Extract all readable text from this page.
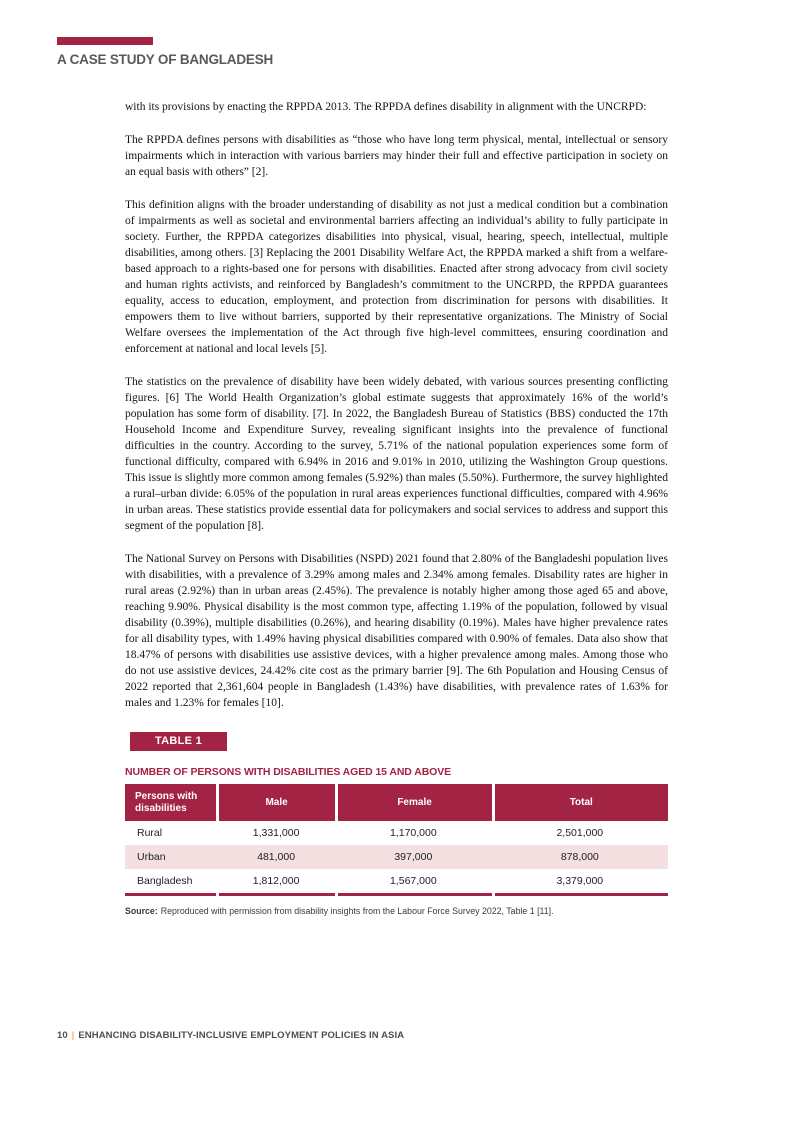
A CASE STUDY OF BANGLADESH

with its provisions by enacting the RPPDA 2013. The RPPDA defines disability in alignment with the UNCRPD:

The RPPDA defines persons with disabilities as “those who have long term physical, mental, intellectual or sensory impairments which in interaction with various barriers may hinder their full and effective participation in society on an equal basis with others” [2].

This definition aligns with the broader understanding of disability as not just a medical condition but a combination of impairments as well as societal and environmental barriers affecting an individual’s ability to fully participate in society. Further, the RPPDA categorizes disabilities into physical, visual, hearing, speech, intellectual, multiple disabilities, among others. [3] Replacing the 2001 Disability Welfare Act, the RPPDA marked a shift from a welfare-based approach to a rights-based one for persons with disabilities. Enacted after strong advocacy from civil society and human rights activists, and reinforced by Bangladesh’s commitment to the UNCRPD, the RPPDA guarantees equality, access to education, employment, and protection from discrimination for persons with disabilities. It empowers them to live without barriers, supported by their representative organizations. The Ministry of Social Welfare oversees the implementation of the Act through five high-level committees, ensuring coordination and enforcement at national and local levels [5].

The statistics on the prevalence of disability have been widely debated, with various sources presenting conflicting figures. [6] The World Health Organization’s global estimate suggests that approximately 16% of the world’s population has some form of disability. [7]. In 2022, the Bangladesh Bureau of Statistics (BBS) conducted the 17th Household Income and Expenditure Survey, revealing significant insights into the prevalence of functional difficulties in the country. According to the survey, 5.71% of the national population experiences some form of functional difficulty, compared with 6.94% in 2016 and 9.01% in 2010, utilizing the Washington Group questions. This issue is slightly more common among females (5.92%) than males (5.50%). Furthermore, the survey highlighted a rural–urban divide: 6.05% of the population in rural areas experiences functional difficulties, compared with 4.96% in urban areas. These statistics provide essential data for policymakers and social services to address and support this segment of the population [8].

The National Survey on Persons with Disabilities (NSPD) 2021 found that 2.80% of the Bangladeshi population lives with disabilities, with a prevalence of 3.29% among males and 2.34% among females. Disability rates are higher in rural areas (2.92%) than in urban areas (2.45%). The prevalence is notably higher among those aged 65 and above, reaching 9.90%. Physical disability is the most common type, affecting 1.19% of the population, followed by visual disability (0.39%), multiple disabilities (0.26%), and hearing disability (0.19%). Males have higher prevalence rates for all disability types, with 1.49% having physical disabilities compared with 0.90% of females. Data also show that 18.47% of persons with disabilities use assistive devices, with a higher prevalence among males. Among those who do not use assistive devices, 24.42% cite cost as the primary barrier [9]. The 6th Population and Housing Census of 2022 reported that 2,361,604 people in Bangladesh (1.43%) have disabilities, with prevalence rates of 1.63% for males and 1.23% for females [10].

TABLE 1
NUMBER OF PERSONS WITH DISABILITIES AGED 15 AND ABOVE
Persons with disabilities	Male	Female	Total
Rural	1,331,000	1,170,000	2,501,000
Urban	481,000	397,000	878,000
Bangladesh	1,812,000	1,567,000	3,379,000

Source: Reproduced with permission from disability insights from the Labour Force Survey 2022, Table 1 [11].

10 | ENHANCING DISABILITY-INCLUSIVE EMPLOYMENT POLICIES IN ASIA
